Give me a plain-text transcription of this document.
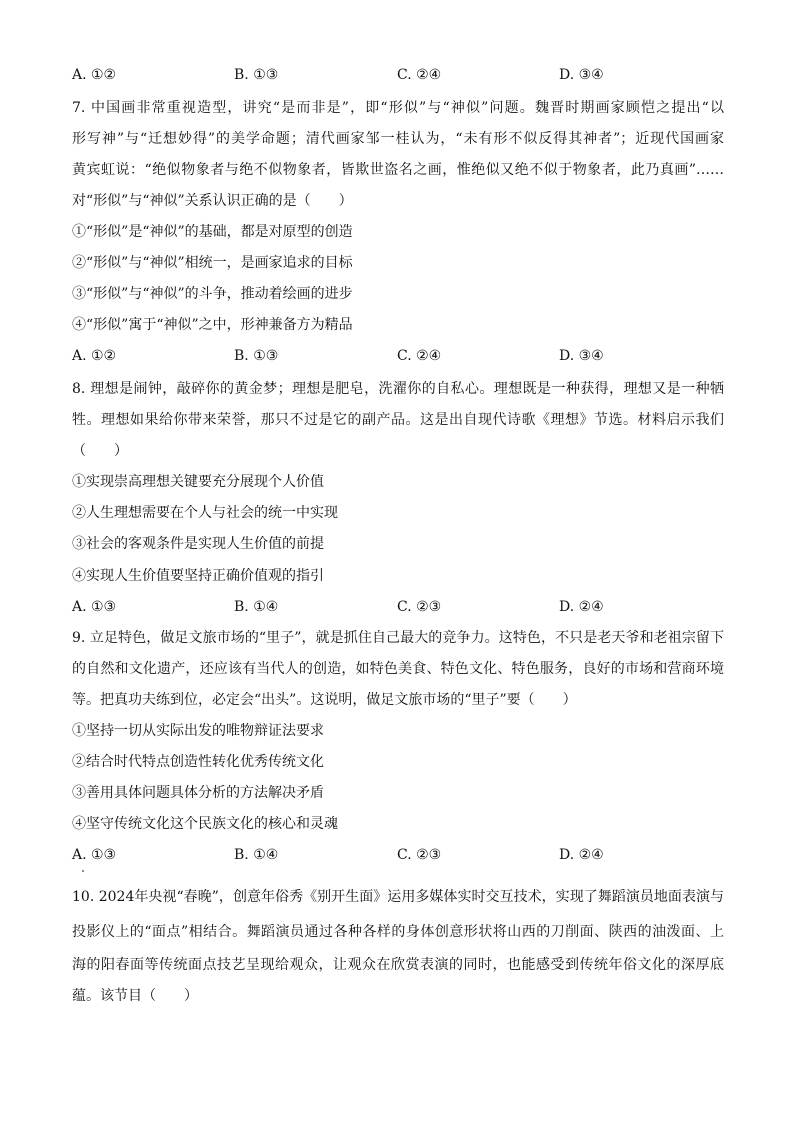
A. ①②	B. ①③	C. ②④	D. ③④
7. 中国画非常重视造型，讲究“是而非是”，即“形似”与“神似”问题。魏晋时期画家顾恺之提出“以
形写神”与“迁想妙得”的美学命题；清代画家邹一桂认为，“未有形不似反得其神者”；近现代国画家
黄宾虹说：“绝似物象者与绝不似物象者，皆欺世盗名之画，惟绝似又绝不似于物象者，此乃真画”……
对“形似”与“神似”关系认识正确的是（　　）
①“形似”是“神似”的基础，都是对原型的创造
②“形似”与“神似”相统一，是画家追求的目标
③“形似”与“神似”的斗争，推动着绘画的进步
④“形似”寓于“神似”之中，形神兼备方为精品
A. ①②	B. ①③	C. ②④	D. ③④
8. 理想是闹钟，敲碎你的黄金梦；理想是肥皂，洗濯你的自私心。理想既是一种获得，理想又是一种牺
牲。理想如果给你带来荣誉，那只不过是它的副产品。这是出自现代诗歌《理想》节选。材料启示我们
（　　）
①实现崇高理想关键要充分展现个人价值
②人生理想需要在个人与社会的统一中实现
③社会的客观条件是实现人生价值的前提
④实现人生价值要坚持正确价值观的指引
A. ①③	B. ①④	C. ②③	D. ②④
9. 立足特色，做足文旅市场的“里子”，就是抓住自己最大的竞争力。这特色，不只是老天爷和老祖宗留下
的自然和文化遗产，还应该有当代人的创造，如特色美食、特色文化、特色服务，良好的市场和营商环境
等。把真功夫练到位，必定会“出头”。这说明，做足文旅市场的“里子”要（　　）
①坚持一切从实际出发的唯物辩证法要求
②结合时代特点创造性转化优秀传统文化
③善用具体问题具体分析的方法解决矛盾
④坚守传统文化这个民族文化的核心和灵魂
A. ①③	B. ①④	C. ②③	D. ②④
10. 2024年央视“春晚”，创意年俗秀《别开生面》运用多媒体实时交互技术，实现了舞蹈演员地面表演与
投影仪上的“面点”相结合。舞蹈演员通过各种各样的身体创意形状将山西的刀削面、陕西的油泼面、上
海的阳春面等传统面点技艺呈现给观众，让观众在欣赏表演的同时，也能感受到传统年俗文化的深厚底
蕴。该节目（　　）
